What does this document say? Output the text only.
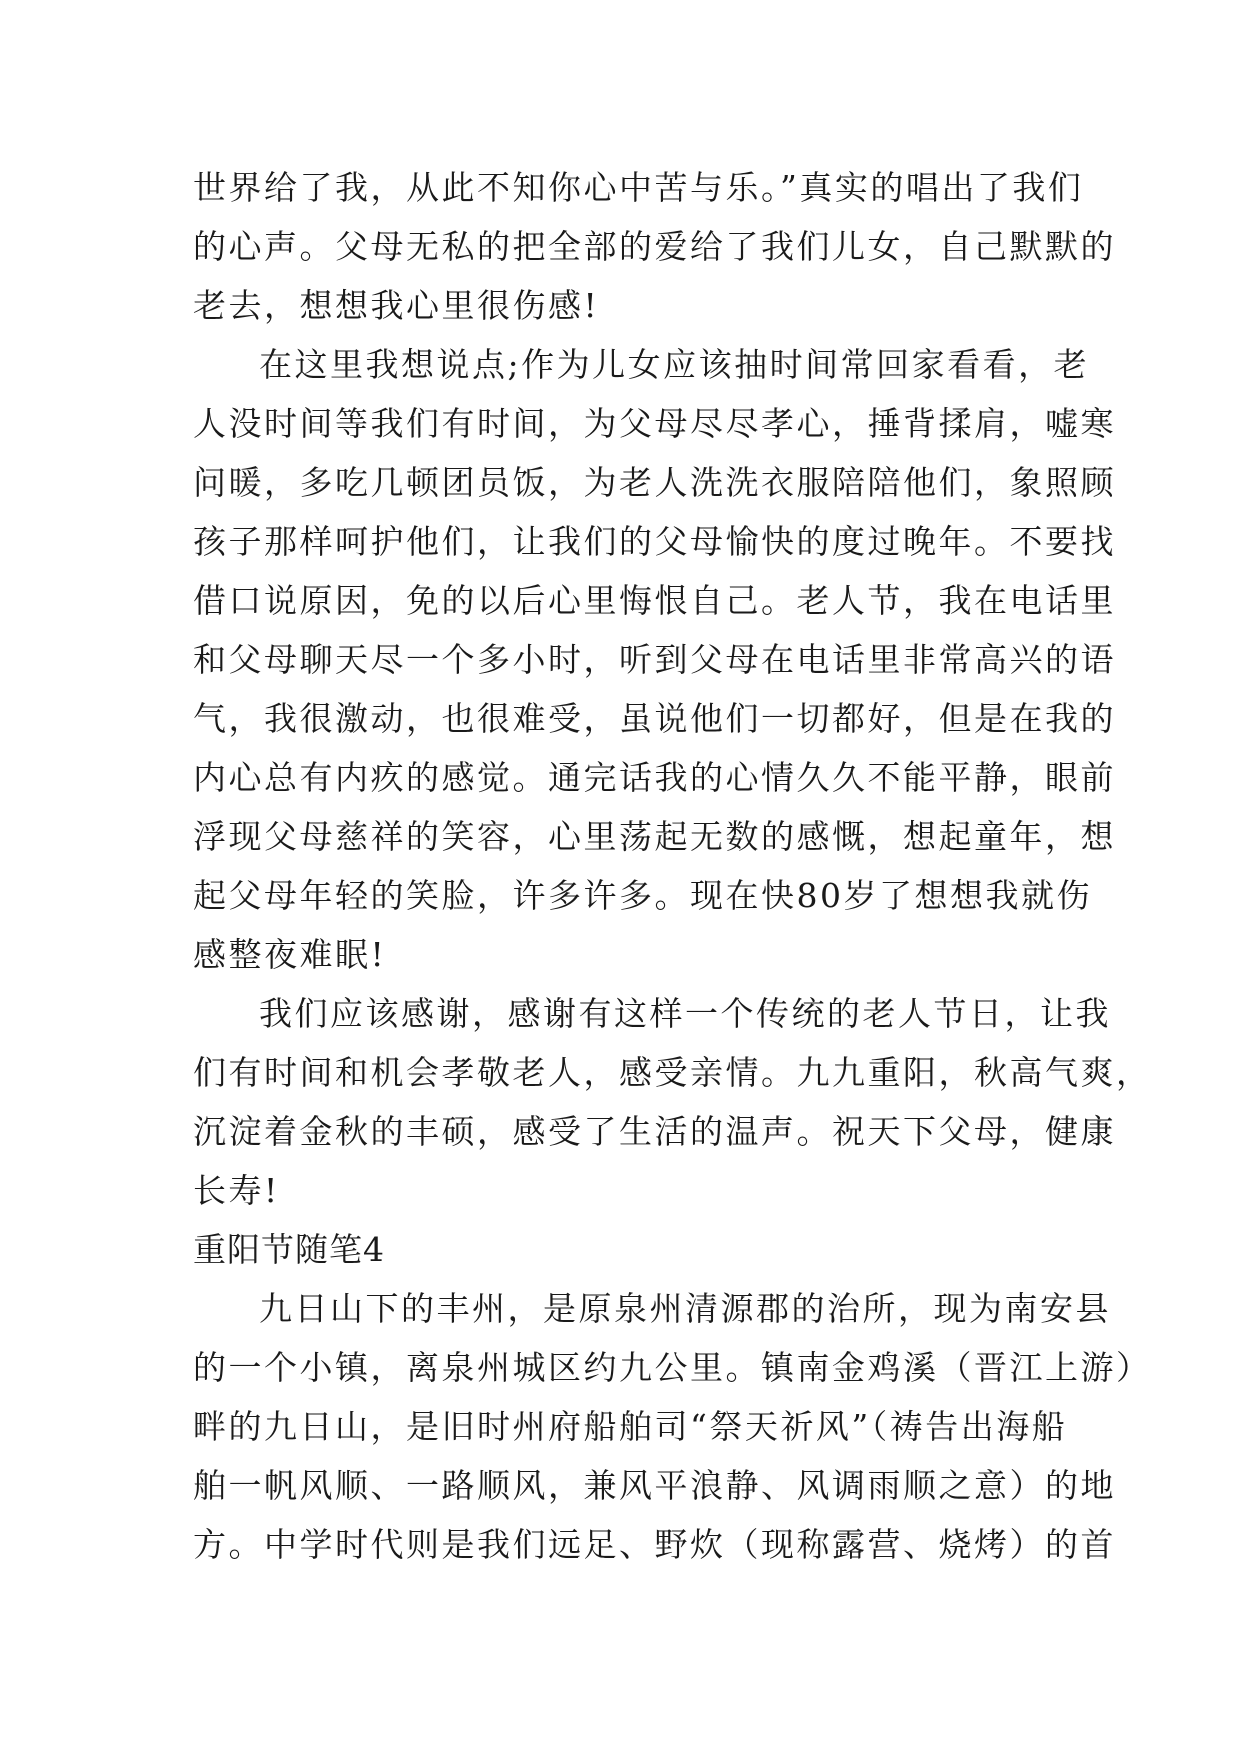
世界给了我，从此不知你心中苦与乐。”真实的唱出了我们
的心声。父母无私的把全部的爱给了我们儿女，自己默默的
老去，想想我心里很伤感!
在这里我想说点;作为儿女应该抽时间常回家看看，老
人没时间等我们有时间，为父母尽尽孝心，捶背揉肩，嘘寒
问暖，多吃几顿团员饭，为老人洗洗衣服陪陪他们，象照顾
孩子那样呵护他们，让我们的父母愉快的度过晚年。不要找
借口说原因，免的以后心里悔恨自己。老人节，我在电话里
和父母聊天尽一个多小时，听到父母在电话里非常高兴的语
气，我很激动，也很难受，虽说他们一切都好，但是在我的
内心总有内疚的感觉。通完话我的心情久久不能平静，眼前
浮现父母慈祥的笑容，心里荡起无数的感慨，想起童年，想
起父母年轻的笑脸，许多许多。现在快80岁了想想我就伤
感整夜难眠!
我们应该感谢，感谢有这样一个传统的老人节日，让我
们有时间和机会孝敬老人，感受亲情。九九重阳，秋高气爽，
沉淀着金秋的丰硕，感受了生活的温声。祝天下父母，健康
长寿!
重阳节随笔4
九日山下的丰州，是原泉州清源郡的治所，现为南安县
的一个小镇，离泉州城区约九公里。镇南金鸡溪（晋江上游）
畔的九日山，是旧时州府船舶司“祭天祈风”（祷告出海船
舶一帆风顺、一路顺风，兼风平浪静、风调雨顺之意）的地
方。中学时代则是我们远足、野炊（现称露营、烧烤）的首
